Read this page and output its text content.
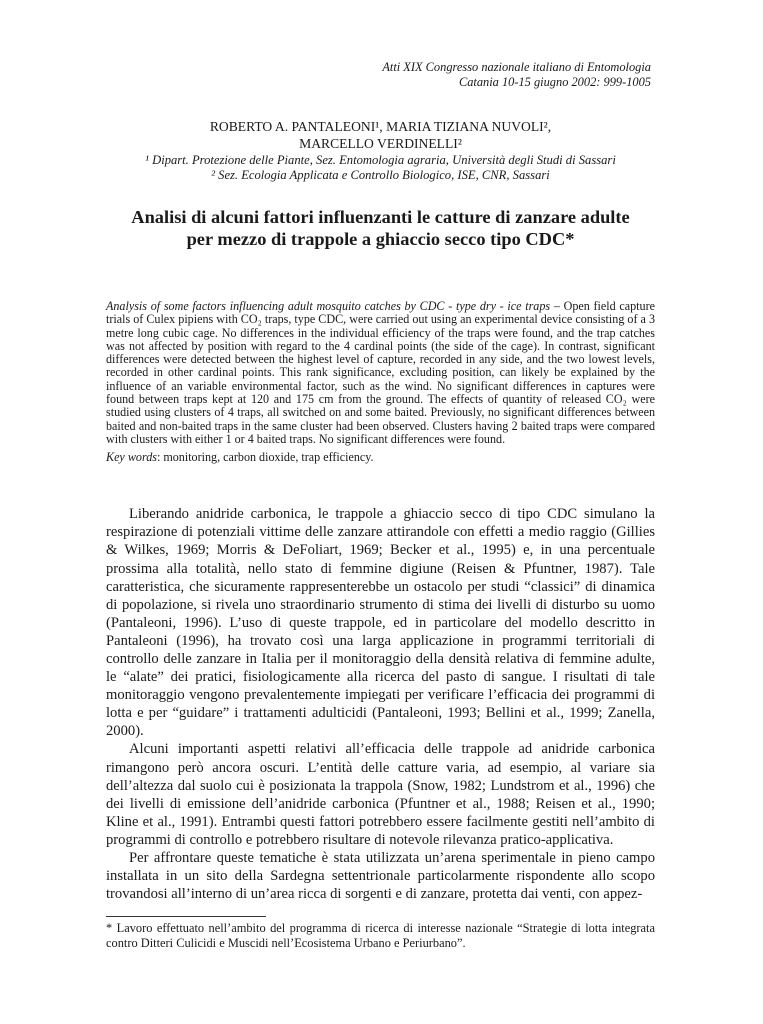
Atti XIX Congresso nazionale italiano di Entomologia
Catania 10-15 giugno 2002: 999-1005
ROBERTO A. PANTALEONI¹, MARIA TIZIANA NUVOLI²,
MARCELLO VERDINELLI²
¹ Dipart. Protezione delle Piante, Sez. Entomologia agraria, Università degli Studi di Sassari
² Sez. Ecologia Applicata e Controllo Biologico, ISE, CNR, Sassari
Analisi di alcuni fattori influenzanti le catture di zanzare adulte
per mezzo di trappole a ghiaccio secco tipo CDC*
Analysis of some factors influencing adult mosquito catches by CDC - type dry - ice traps – Open field capture trials of Culex pipiens with CO₂ traps, type CDC, were carried out using an experimental device consisting of a 3 metre long cubic cage. No differences in the individual efficiency of the traps were found, and the trap catches was not affected by position with regard to the 4 cardinal points (the side of the cage). In contrast, significant differences were detected between the highest level of capture, recorded in any side, and the two lowest levels, recorded in other cardinal points. This rank significance, excluding position, can likely be explained by the influence of an variable environmental factor, such as the wind. No significant differences in captures were found between traps kept at 120 and 175 cm from the ground. The effects of quantity of released CO₂ were studied using clusters of 4 traps, all switched on and some baited. Previously, no significant differences between baited and non-baited traps in the same cluster had been observed. Clusters having 2 baited traps were compared with clusters with either 1 or 4 baited traps. No significant differences were found.
Key words: monitoring, carbon dioxide, trap efficiency.

Liberando anidride carbonica, le trappole a ghiaccio secco di tipo CDC simulano la respirazione di potenziali vittime delle zanzare attirandole con effetti a medio raggio (Gillies & Wilkes, 1969; Morris & DeFoliart, 1969; Becker et al., 1995) e, in una percentuale prossima alla totalità, nello stato di femmine digiune (Reisen & Pfuntner, 1987). Tale caratteristica, che sicuramente rappresenterebbe un ostacolo per studi “classici” di dinamica di popolazione, si rivela uno straordinario strumento di stima dei livelli di disturbo su uomo (Pantaleoni, 1996). L’uso di queste trappole, ed in particolare del modello descritto in Pantaleoni (1996), ha trovato così una larga applicazione in programmi territoriali di controllo delle zanzare in Italia per il monitoraggio della densità relativa di femmine adulte, le “alate” dei pratici, fisiologicamente alla ricerca del pasto di sangue. I risultati di tale monitoraggio vengono prevalentemente impiegati per verificare l’efficacia dei programmi di lotta e per “guidare” i trattamenti adulticidi (Pantaleoni, 1993; Bellini et al., 1999; Zanella, 2000).

Alcuni importanti aspetti relativi all’efficacia delle trappole ad anidride carbonica rimangono però ancora oscuri. L’entità delle catture varia, ad esempio, al variare sia dell’altezza dal suolo cui è posizionata la trappola (Snow, 1982; Lundstrom et al., 1996) che dei livelli di emissione dell’anidride carbonica (Pfuntner et al., 1988; Reisen et al., 1990; Kline et al., 1991). Entrambi questi fattori potrebbero essere facilmente gestiti nell’ambito di programmi di controllo e potrebbero risultare di notevole rilevanza pratico-applicativa.

Per affrontare queste tematiche è stata utilizzata un’arena sperimentale in pieno campo installata in un sito della Sardegna settentrionale particolarmente rispondente allo scopo trovandosi all’interno di un’area ricca di sorgenti e di zanzare, protetta dai venti, con appez-

* Lavoro effettuato nell’ambito del programma di ricerca di interesse nazionale “Strategie di lotta integrata contro Ditteri Culicidi e Muscidi nell’Ecosistema Urbano e Periurbano”.
